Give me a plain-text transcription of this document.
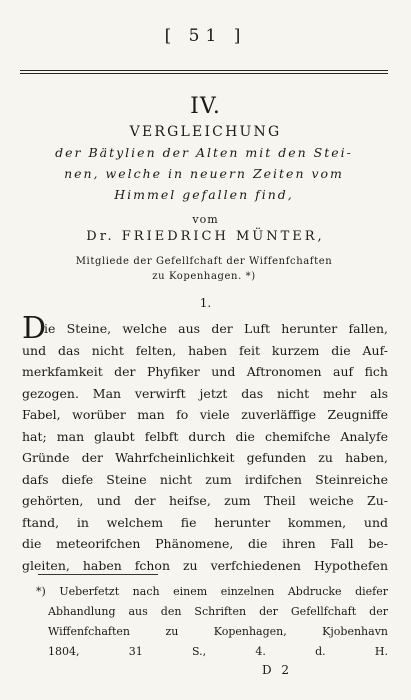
[ 51 ]
IV.
VERGLEICHUNG
der Bätylien der Alten mit den Stei-
nen, welche in neuern Zeiten vom
Himmel gefallen find,
vom
Dr. FRIEDRICH MÜNTER,
Mitgliede der Gefellfchaft der Wiffenfchaften
zu Kopenhagen. *)
1.
D
ie Steine, welche aus der Luft herunter fallen,
und das nicht felten, haben feit kurzem die Auf-
merkfamkeit der Phyfiker und Aftronomen auf fich
gezogen. Man verwirft jetzt das nicht mehr als
Fabel, worüber man fo viele zuverläffige Zeugniffe
hat; man glaubt felbft durch die chemifche Analyfe
Gründe der Wahrfcheinlichkeit gefunden zu haben,
dafs diefe Steine nicht zum irdifchen Steinreiche
gehörten, und der heifse, zum Theil weiche Zu-
ftand, in welchem fie herunter kommen, und
die meteorifchen Phänomene, die ihren Fall be-
gleiten, haben fchon zu verfchiedenen Hypothefen
*) Ueberfetzt nach einem einzelnen Abdrucke diefer
Abhandlung aus den Schriften der Gefellfchaft der
Wiffenfchaften zu Kopenhagen, Kjobenhavn
1804, 31 S., 4. d. H.
D 2
